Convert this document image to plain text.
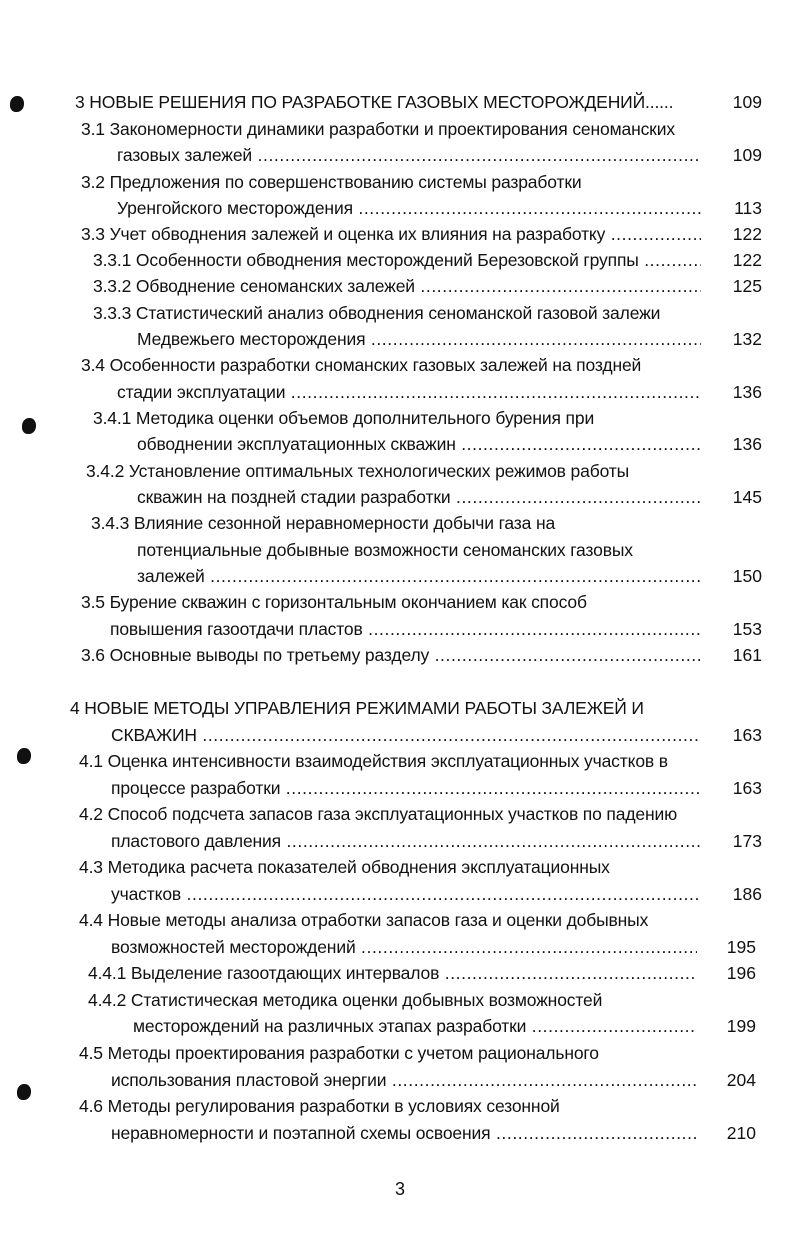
3 НОВЫЕ РЕШЕНИЯ ПО РАЗРАБОТКЕ ГАЗОВЫХ МЕСТОРОЖДЕНИЙ......	109
3.1 Закономерности динамики разработки и проектирования сеноманских
газовых залежей .....	109
3.2 Предложения по совершенствованию системы разработки
Уренгойского месторождения .....	113
3.3 Учет обводнения залежей и оценка их влияния на разработку .....	122
3.3.1 Особенности обводнения месторождений Березовской группы .....	122
3.3.2 Обводнение сеноманских залежей .....	125
3.3.3 Статистический анализ обводнения сеноманской газовой залежи
Медвежьего месторождения .....	132
3.4 Особенности разработки сноманских газовых залежей на поздней
стадии эксплуатации .....	136
3.4.1 Методика оценки объемов дополнительного бурения при
обводнении эксплуатационных скважин .....	136
3.4.2 Установление оптимальных технологических режимов работы
скважин на поздней стадии разработки .....	145
3.4.3 Влияние сезонной неравномерности добычи газа на
потенциальные добывные возможности сеноманских газовых
залежей .....	150
3.5 Бурение скважин с горизонтальным окончанием как способ
повышения газоотдачи пластов .....	153
3.6 Основные выводы по третьему разделу .....	161
4 НОВЫЕ МЕТОДЫ УПРАВЛЕНИЯ РЕЖИМАМИ РАБОТЫ ЗАЛЕЖЕЙ И
СКВАЖИН .....	163
4.1 Оценка интенсивности взаимодействия эксплуатационных участков в
процессе разработки .....	163
4.2 Способ подсчета запасов газа эксплуатационных участков по падению
пластового давления .....	173
4.3 Методика расчета показателей обводнения эксплуатационных
участков .....	186
4.4 Новые методы анализа отработки запасов газа и оценки добывных
возможностей месторождений .....	195
4.4.1 Выделение газоотдающих интервалов .....	196
4.4.2 Статистическая методика оценки добывных возможностей
месторождений на различных этапах разработки .....	199
4.5 Методы проектирования разработки с учетом рационального
использования пластовой энергии .....	204
4.6 Методы регулирования разработки в условиях сезонной
неравномерности и поэтапной схемы освоения .....	210
3
